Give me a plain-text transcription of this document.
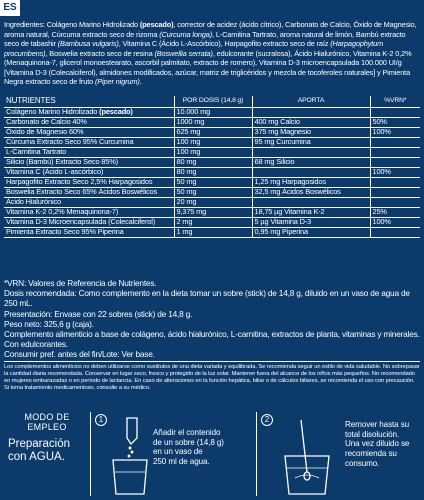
ES
Ingredientes: Colágeno Marino Hidrolizado (pescado), corrector de acidez (ácido cítrico), Carbonato de Calcio, Óxido de Magnesio, aroma natural, Cúrcuma extracto seco de rizoma (Curcuma longa), L-Carnitina Tartrato, aroma natural de limón, Bambú extracto seco de tabashir (Bambusa vulgaris), Vitamina C (Ácido L-Ascórbico), Harpagofito extracto seco de raíz (Harpagophytum procumbens), Boswelia extracto seco de resina (Boswellia serrata), edulcorante (sucralosa), Ácido Hialurónico, Vitamina K-2 0,2% (Menaquinona-7, glicerol monoestearato, ascorbil palmitato, extracto de romero), Vitamina D-3 microencapsulada 100.000 UI/g [Vitamina D-3 (Colecalciferol), almidones modificados, azúcar, matriz de triglicéridos y mezcla de tocoferoles naturales] y Pimienta Negra extracto seco de fruto (Piper nigrum).
NUTRIENTES	POR DOSIS (14,8 g)	APORTA	%VRN*
Colágeno Marino Hidrolizado (pescado)	10.000 mg		
Carbonato de Calcio 40%	1000 mg	400 mg Calcio	50%
Óxido de Magnesio 60%	625 mg	375 mg Magnesio	100%
Cúrcuma Extracto Seco 95% Curcumina	100 mg	95 mg Curcumina	
L-Carnitina Tartrato	100 mg		
Silicio (Bambú) Extracto Seco 85%)	80 mg	68 mg Silicio	
Vitamina C (Ácido L-ascórbico)	80 mg		100%
Harpagofito Extracto Seco 2,5% Harpagosidos	50 mg	1,25 mg Harpagosidos	
Boswelia Extracto Seco 65% Ácidos Boswélicos	50 mg	32,5 mg Ácidos Boswélicos	
Ácido Hialurónico	20 mg		
Vitamina K-2 0,2% Menaquinona-7)	9,375 mg	18,75 µg Vitamina K-2	25%
Vitamina D-3 Microencapsulada (Colecalciferol)	2 mg	5 µg Vitamina D-3	100%
Pimienta Extracto Seco 95% Piperina	1 mg	0,95 mg Piperina	
*VRN: Valores de Referencia de Nutrientes.
Dosis recomendada: Como complemento en la dieta tomar un sobre (stick) de 14,8 g, diluido en un vaso de agua de 250 mL.
Presentación: Envase con 22 sobres (stick) de 14,8 g.
Peso neto: 325,6 g (caja).
Complemento alimenticio a base de colágeno, ácido hialurónico, L-carnitina, extractos de planta, vitaminas y minerales.
Con edulcorantes.
Consumir pref. antes del fin/Lote: Ver base.
Los complementos alimenticios no deben utilizarse como sustitutos de una dieta variada y equilibrada. Se recomienda seguir un estilo de vida saludable. No sobrepasar la cantidad diaria recomendada. Conservar en lugar seco, fresco y protegido de la luz solar. Mantener fuera del alcance de los niños más pequeños. No recomendado en mujeres embarazadas o en período de lactancia. En caso de alteraciones en la función hepática, biliar o de cálculos biliares, se recomienda el uso con precaución. Si toma tratamiento medicamentoso, consulte a su médico.
MODO DE EMPLEO
Preparación
con AGUA.
1
Añadir el contenido
de un sobre (14,8 g)
en un vaso de
250 ml de agua.
2
Remover hasta su
total disolución.
Una vez diluido se
recomienda su
consumo.
